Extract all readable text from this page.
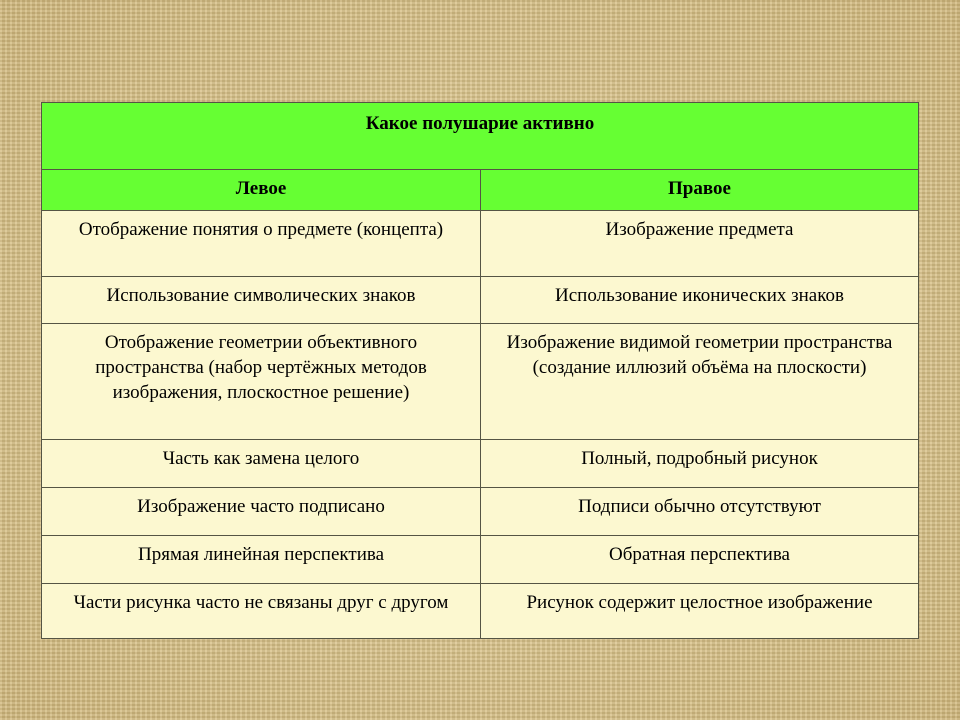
Какое полушарие активно	
Левое	Правое
Отображение понятия о предмете (концепта)	Изображение предмета
Использование символических знаков	Использование иконических знаков
Отображение геометрии объективного пространства (набор чертёжных методов изображения, плоскостное решение)	Изображение видимой геометрии пространства (создание иллюзий объёма на плоскости)
Часть как замена целого	Полный, подробный рисунок
Изображение часто подписано	Подписи обычно отсутствуют
Прямая линейная перспектива	Обратная перспектива
Части рисунка часто не связаны друг с другом	Рисунок содержит целостное изображение
